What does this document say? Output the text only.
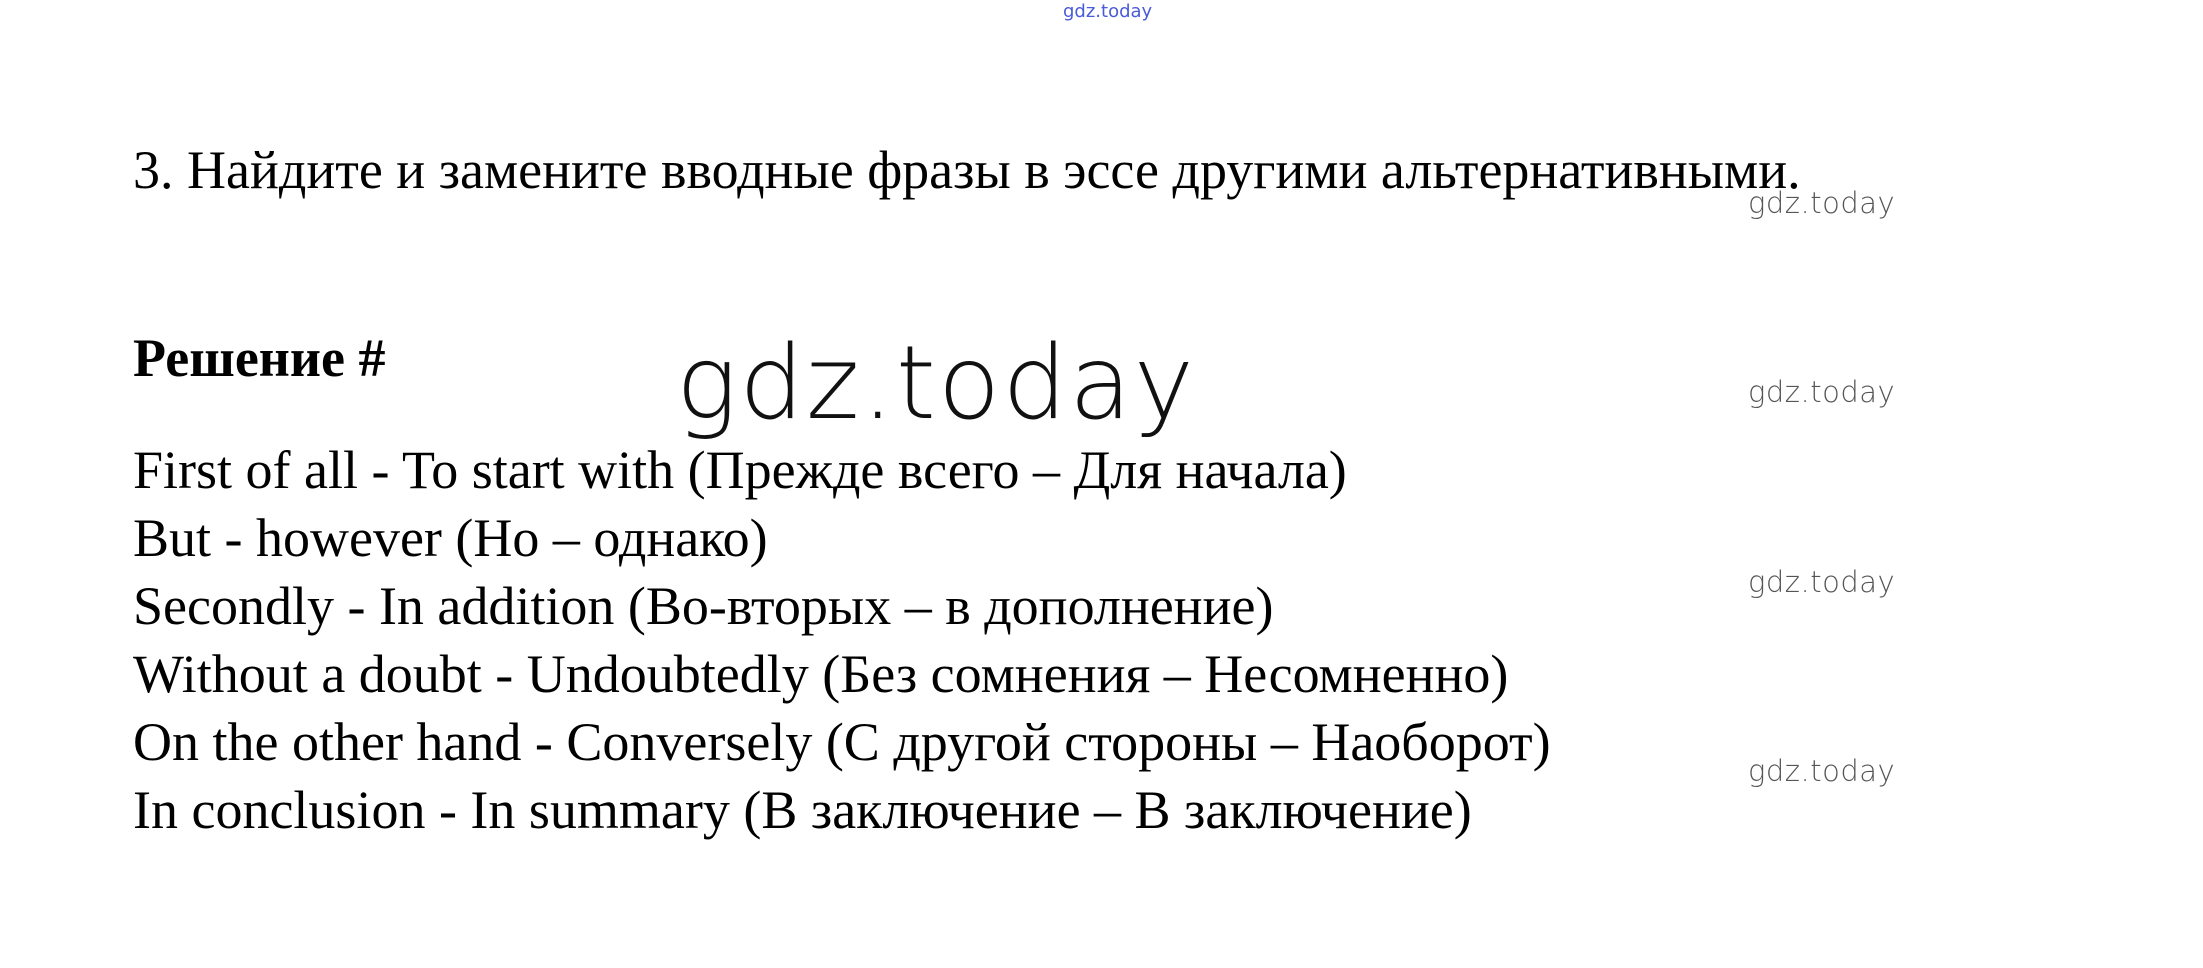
gdz.today
3. Найдите и замените вводные фразы в эссе другими альтернативными.
gdz.today
Решение #	gdz.today	gdz.today
First of all - To start with (Прежде всего – Для начала)
But - however (Но – однако)
Secondly - In addition (Во-вторых – в дополнение)
Without a doubt - Undoubtedly (Без сомнения – Несомненно)
On the other hand - Conversely (С другой стороны – Наоборот)
In conclusion - In summary (В заключение – В заключение)
gdz.today
gdz.today
